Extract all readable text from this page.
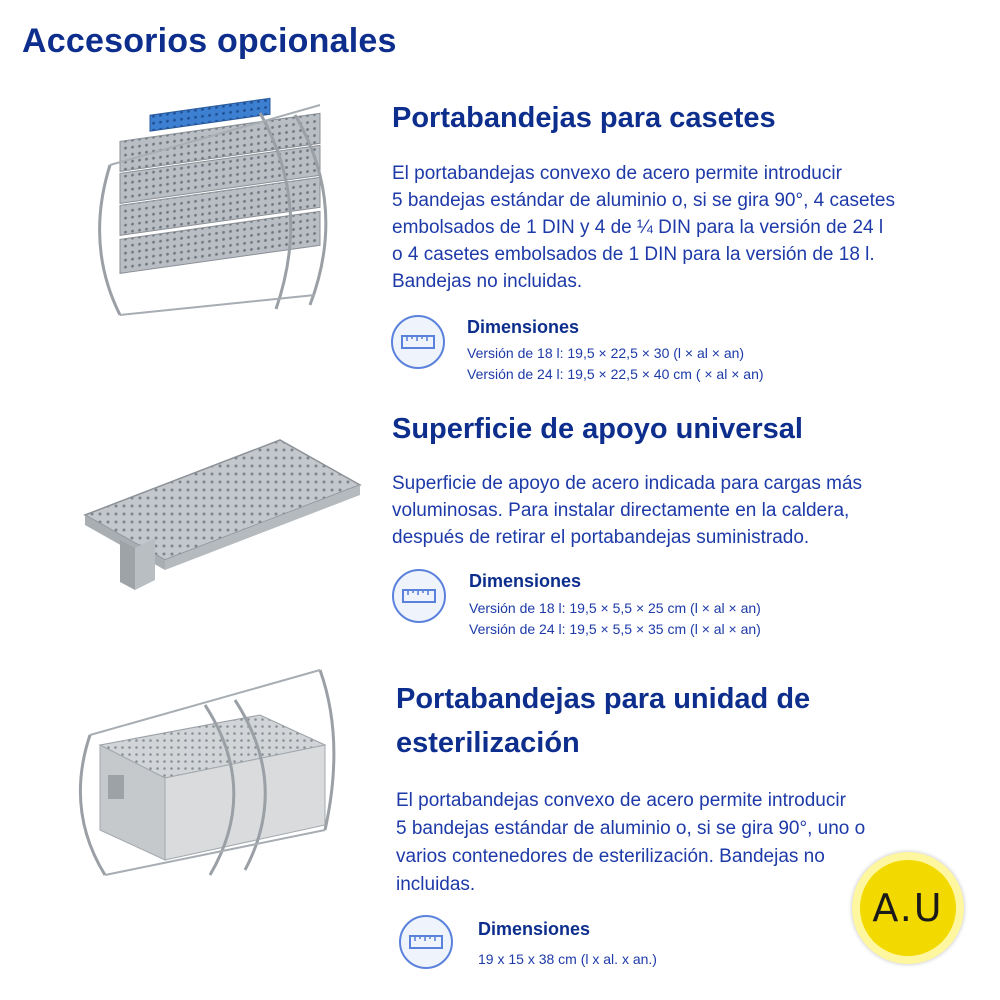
Accesorios opcionales
Portabandejas para casetes

El portabandejas convexo de acero permite introducir

5 bandejas estándar de aluminio o, si se gira 90°, 4 casetes

embolsados de 1 DIN y 4 de ¼ DIN para la versión de 24 l

o 4 casetes embolsados de 1 DIN para la versión de 18 l.

Bandejas no incluidas.

Dimensiones

Versión de 18 l: 19,5 × 22,5 × 30 (l × al × an)

Versión de 24 l: 19,5 × 22,5 × 40 cm ( × al × an)

Superficie de apoyo universal

Superficie de apoyo de acero indicada para cargas más

voluminosas. Para instalar directamente en la caldera,

después de retirar el portabandejas suministrado.

Dimensiones

Versión de 18 l: 19,5 × 5,5 × 25 cm (l × al × an)

Versión de 24 l: 19,5 × 5,5 × 35 cm (l × al × an)

Portabandejas para unidad de
esterilización

El portabandejas convexo de acero permite introducir

5 bandejas estándar de aluminio o, si se gira 90°, uno o

varios contenedores de esterilización. Bandejas no

incluidas.

Dimensiones

19 x 15 x 38 cm (l x al. x an.)

A.U
